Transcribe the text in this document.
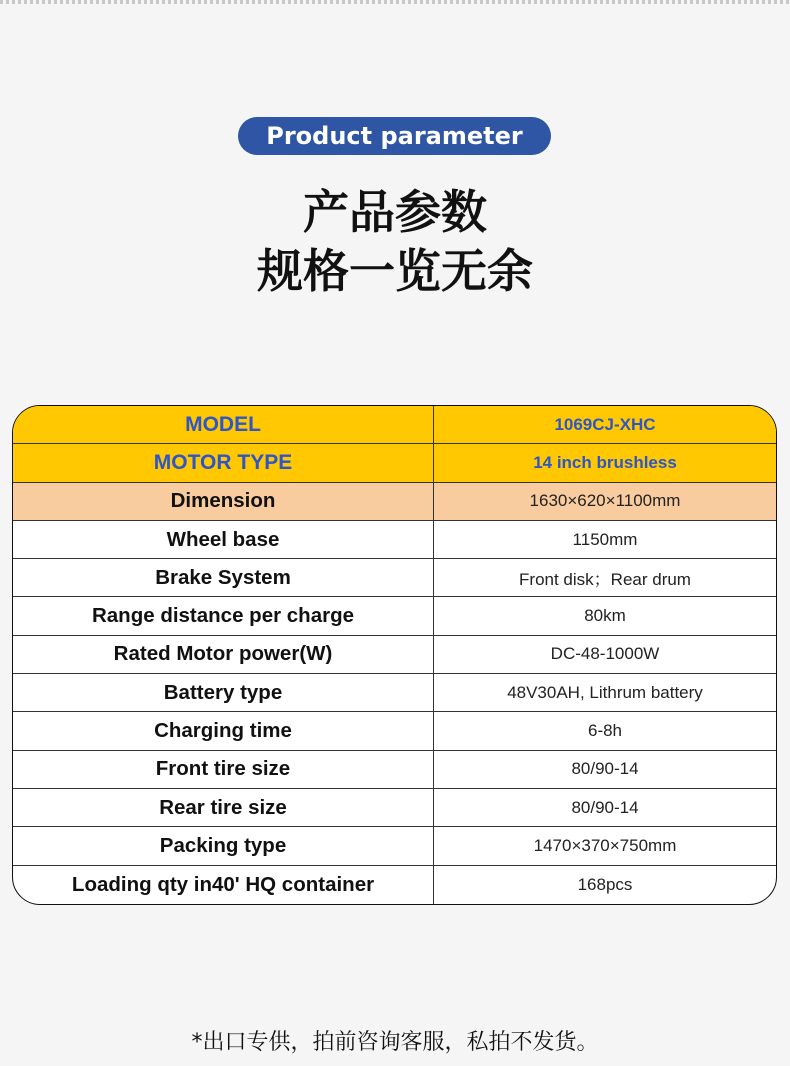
Product parameter
产品参数
规格一览无余
MODEL	1069CJ-XHC
MOTOR TYPE	14 inch brushless
Dimension	1630×620×1100mm
Wheel base	1150mm
Brake System	Front disk；Rear drum
Range distance per charge	80km
Rated Motor power(W)	DC-48-1000W
Battery type	48V30AH, Lithrum battery
Charging time	6-8h
Front tire size	80/90-14
Rear tire size	80/90-14
Packing type	1470×370×750mm
Loading qty in40' HQ container	168pcs
*出口专供，拍前咨询客服，私拍不发货。
